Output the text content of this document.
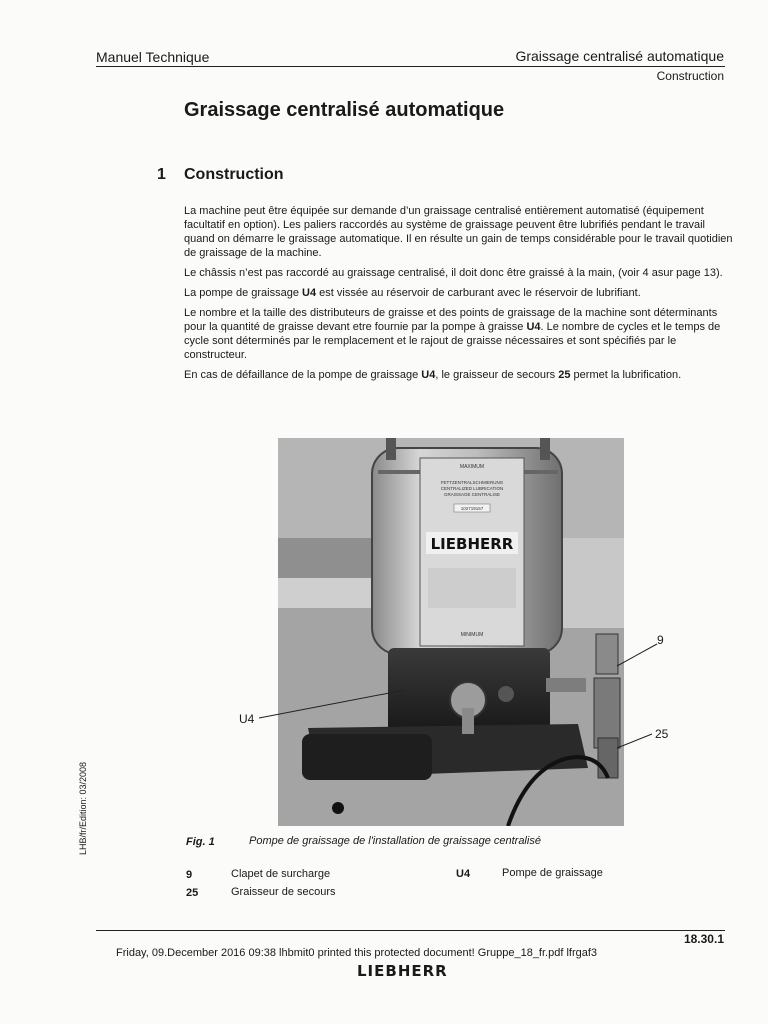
Manuel Technique	Graissage centralisé automatique
Construction
Graissage centralisé automatique
1 Construction

La machine peut être équipée sur demande d’un graissage centralisé entièrement automatisé (équipement facultatif en option). Les paliers raccordés au système de graissage peuvent être lubrifiés pendant le travail quand on démarre le graissage automatique. Il en résulte un gain de temps considérable pour le travail quotidien de graissage de la machine.

Le châssis n’est pas raccordé au graissage centralisé, il doit donc être graissé à la main, (voir 4 asur page 13).

La pompe de graissage U4 est vissée au réservoir de carburant avec le réservoir de lubrifiant.

Le nombre et la taille des distributeurs de graisse et des points de graissage de la machine sont déterminants pour la quantité de graisse devant etre fournie par la pompe à graisse U4. Le nombre de cycles et le temps de cycle sont déterminés par le remplacement et le rajout de graisse nécessaires et sont spécifiés par le constructeur.

En cas de défaillance de la pompe de graissage U4, le graisseur de secours 25 permet la lubrification.

MAXIMUM
FETTZENTRALSCHMIERUNG
CENTRALIZED LUBRICATION
GRAISSAGE CENTRALISE
102719157
LIEBHERR
MINIMUM
U4
9
25
Fig. 1	Pompe de graissage de l'installation de graissage centralisé
9	Clapet de surcharge
25	Graisseur de secours
U4	Pompe de graissage
LHB/fr/Edition: 03/2008
18.30.1
Friday, 09.December 2016 09:38 lhbmit0 printed this protected document! Gruppe_18_fr.pdf lfrgaf3
LIEBHERR
